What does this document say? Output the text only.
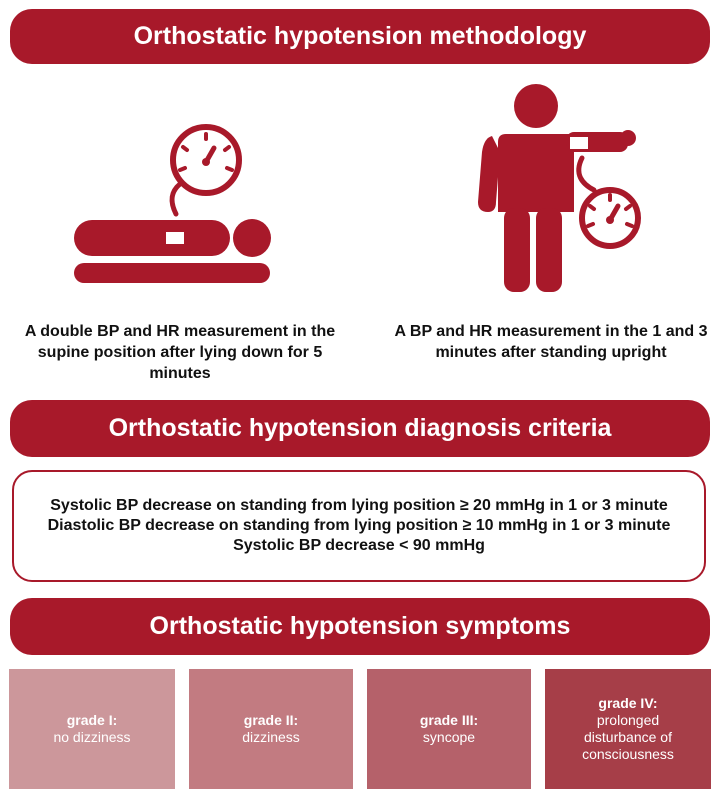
Orthostatic hypotension methodology
A double BP and HR measurement in the supine position after lying down for 5 minutes
A BP and HR measurement in the 1 and 3 minutes after standing upright
Orthostatic hypotension diagnosis criteria
Systolic BP decrease on standing from lying position ≥ 20 mmHg in 1 or 3 minute
Diastolic BP decrease on standing from lying position ≥ 10 mmHg in 1 or 3 minute
Systolic BP decrease < 90 mmHg
Orthostatic hypotension symptoms
grade I:
no dizziness
grade II:
dizziness
grade III:
syncope
grade IV:
prolonged disturbance of consciousness
